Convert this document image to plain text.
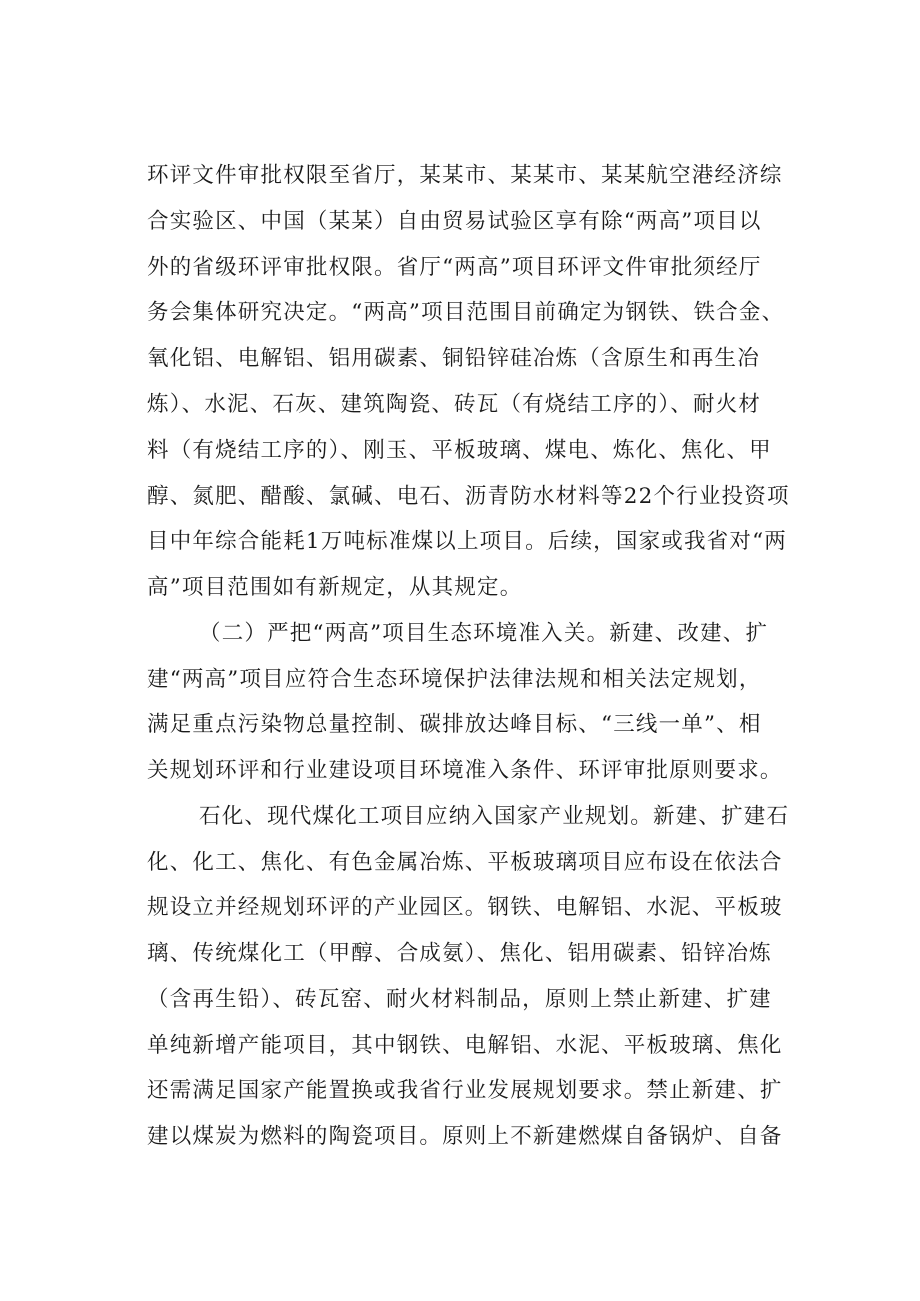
环评文件审批权限至省厅，某某市、某某市、某某航空港经济综

合实验区、中国（某某）自由贸易试验区享有除“两高”项目以

外的省级环评审批权限。省厅“两高”项目环评文件审批须经厅

务会集体研究决定。“两高”项目范围目前确定为钢铁、铁合金、

氧化铝、电解铝、铝用碳素、铜铅锌硅冶炼（含原生和再生冶

炼）、水泥、石灰、建筑陶瓷、砖瓦（有烧结工序的）、耐火材

料（有烧结工序的）、刚玉、平板玻璃、煤电、炼化、焦化、甲

醇、氮肥、醋酸、氯碱、电石、沥青防水材料等22个行业投资项

目中年综合能耗1万吨标准煤以上项目。后续，国家或我省对“两

高”项目范围如有新规定，从其规定。

（二）严把“两高”项目生态环境准入关。新建、改建、扩

建“两高”项目应符合生态环境保护法律法规和相关法定规划，

满足重点污染物总量控制、碳排放达峰目标、“三线一单”、相

关规划环评和行业建设项目环境准入条件、环评审批原则要求。

石化、现代煤化工项目应纳入国家产业规划。新建、扩建石

化、化工、焦化、有色金属冶炼、平板玻璃项目应布设在依法合

规设立并经规划环评的产业园区。钢铁、电解铝、水泥、平板玻

璃、传统煤化工（甲醇、合成氨）、焦化、铝用碳素、铅锌冶炼

（含再生铅）、砖瓦窑、耐火材料制品，原则上禁止新建、扩建

单纯新增产能项目，其中钢铁、电解铝、水泥、平板玻璃、焦化

还需满足国家产能置换或我省行业发展规划要求。禁止新建、扩

建以煤炭为燃料的陶瓷项目。原则上不新建燃煤自备锅炉、自备
